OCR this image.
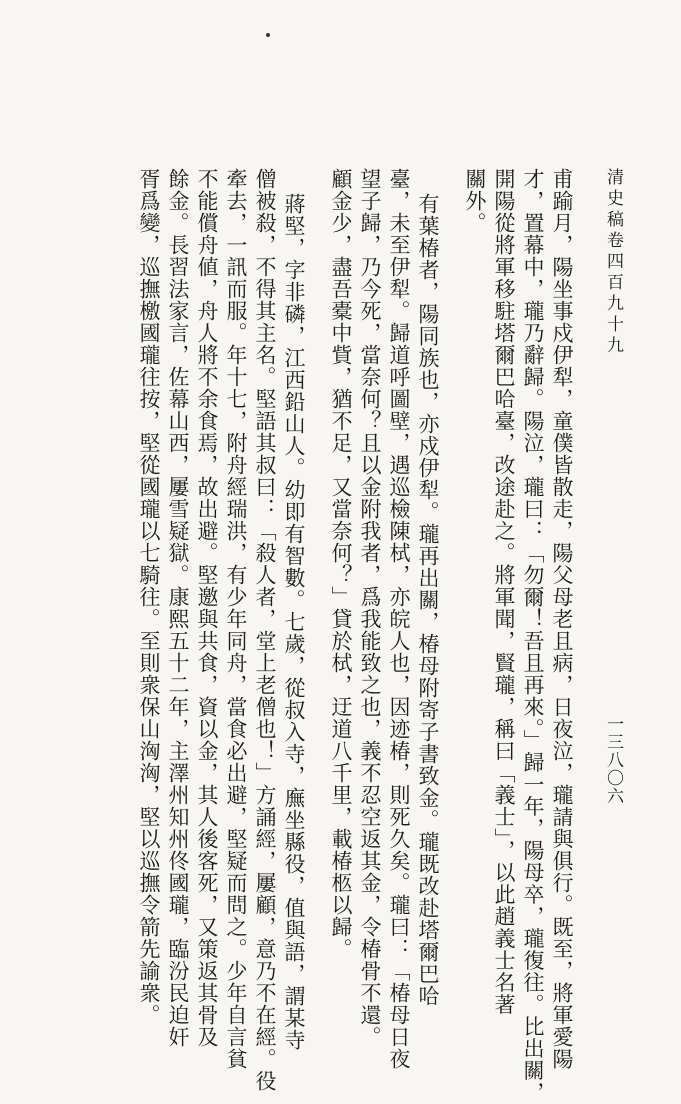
清史稿卷四百九十九
一三八〇六
甫踰月，陽坐事戍伊犁，童僕皆散走，陽父母老且病，日夜泣，瓏請與俱行。既至，將軍愛陽
才，置幕中，瓏乃辭歸。陽泣，瓏曰：「勿爾！吾且再來。」歸一年，陽母卒，瓏復往。比出關，
開陽從將軍移駐塔爾巴哈臺，改途赴之。將軍聞，賢瓏，稱曰「義士」，以此趙義士名著
關外。
有葉椿者，陽同族也，亦戍伊犁。瓏再出關，椿母附寄子書致金。瓏既改赴塔爾巴哈
臺，未至伊犁。歸道呼圖壁，遇巡檢陳栻，亦皖人也，因迹椿，則死久矣。瓏曰：「椿母日夜
望子歸，乃今死，當奈何？且以金附我者，爲我能致之也，義不忍空返其金，令椿骨不還。
顧金少，盡吾橐中貲，猶不足，又當奈何？」貸於栻，迂道八千里，載椿柩以歸。
蔣堅，字非磷，江西鉛山人。幼即有智數。七歲，從叔入寺，廡坐縣役，值與語，謂某寺
僧被殺，不得其主名。堅語其叔曰：「殺人者，堂上老僧也！」方誦經，屢顧，意乃不在經。役
牽去，一訊而服。年十七，附舟經瑞洪，有少年同舟，當食必出避，堅疑而問之。少年自言貧
不能償舟値，舟人將不余食焉，故出避。堅邀與共食，資以金，其人後客死，又策返其骨及
餘金。長習法家言，佐幕山西，屢雪疑獄。康熙五十二年，主澤州知州佟國瓏，臨汾民迫奸
胥爲變，巡撫檄國瓏往按，堅從國瓏以七騎往。至則衆保山洶洶，堅以巡撫令箭先諭衆。
